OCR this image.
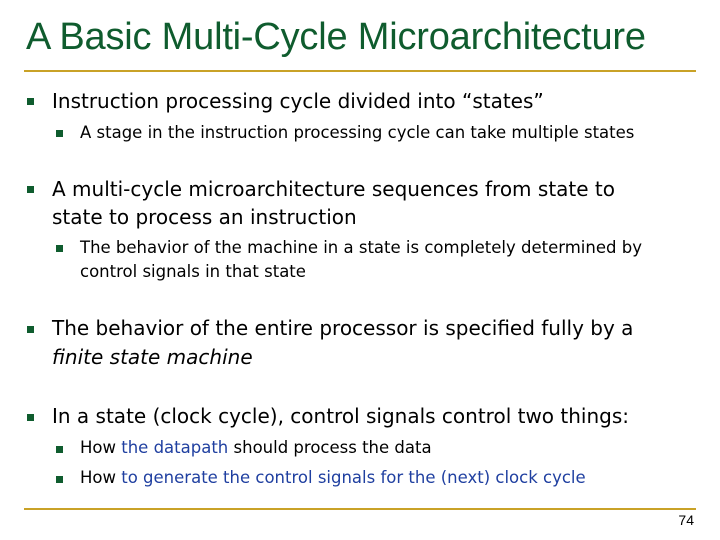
A Basic Multi-Cycle Microarchitecture
Instruction processing cycle divided into “states”
A stage in the instruction processing cycle can take multiple states
A multi-cycle microarchitecture sequences from state to
state to process an instruction
The behavior of the machine in a state is completely determined by
control signals in that state
The behavior of the entire processor is specified fully by a
finite state machine
In a state (clock cycle), control signals control two things:
How the datapath should process the data
How to generate the control signals for the (next) clock cycle
74
